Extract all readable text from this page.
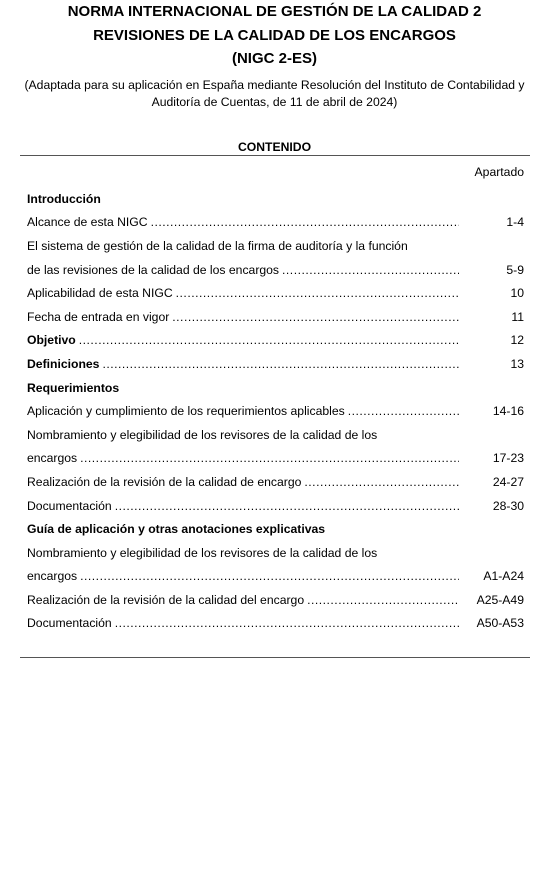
NORMA INTERNACIONAL DE GESTIÓN DE LA CALIDAD 2
REVISIONES DE LA CALIDAD DE LOS ENCARGOS
(NIGC 2-ES)
(Adaptada para su aplicación en España mediante Resolución del Instituto de Contabilidad y Auditoría de Cuentas, de 11 de abril de 2024)
CONTENIDO
Apartado
Introducción
Alcance de esta NIGC .....	1-4
El sistema de gestión de la calidad de la firma de auditoría y la función
de las revisiones de la calidad de los encargos .....	5-9
Aplicabilidad de esta NIGC .....	10
Fecha de entrada en vigor .....	11
Objetivo .....	12
Definiciones .....	13
Requerimientos
Aplicación y cumplimiento de los requerimientos aplicables .....	14-16
Nombramiento y elegibilidad de los revisores de la calidad de los
encargos .....	17-23
Realización de la revisión de la calidad de encargo .....	24-27
Documentación .....	28-30
Guía de aplicación y otras anotaciones explicativas
Nombramiento y elegibilidad de los revisores de la calidad de los
encargos .....	A1-A24
Realización de la revisión de la calidad del encargo .....	A25-A49
Documentación .....	A50-A53
